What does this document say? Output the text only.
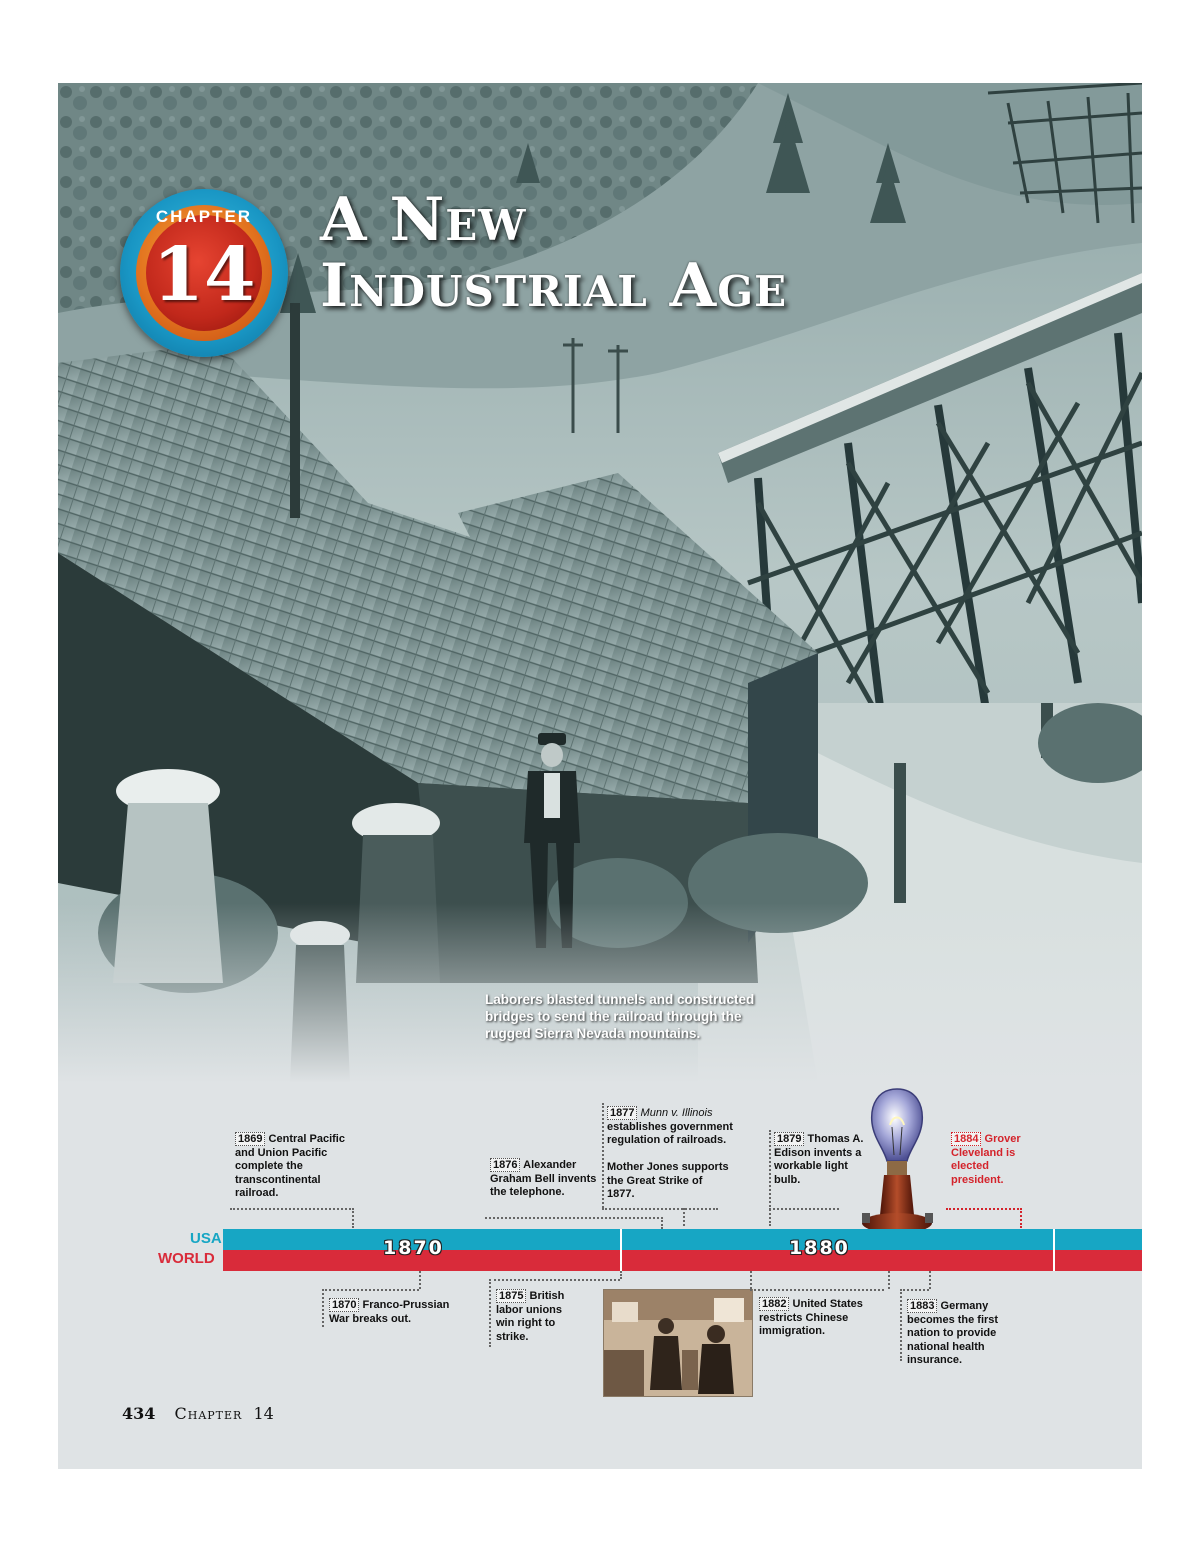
CHAPTER
14
A New
Industrial Age
Laborers blasted tunnels and constructed bridges to send the railroad through the rugged Sierra Nevada mountains.
1869 Central Pacific and Union Pacific complete the transcontinental railroad.
1876 Alexander Graham Bell invents the telephone.
1877 Munn v. Illinois establishes government regulation of railroads.
Mother Jones supports the Great Strike of 1877.
1879 Thomas A. Edison invents a workable light bulb.
1884 Grover Cleveland is elected president.
USA
WORLD	1870	1880
1870 Franco-Prussian War breaks out.
1875 British labor unions win right to strike.
1882 United States restricts Chinese immigration.
1883 Germany becomes the first nation to provide national health insurance.
434 Chapter 14
